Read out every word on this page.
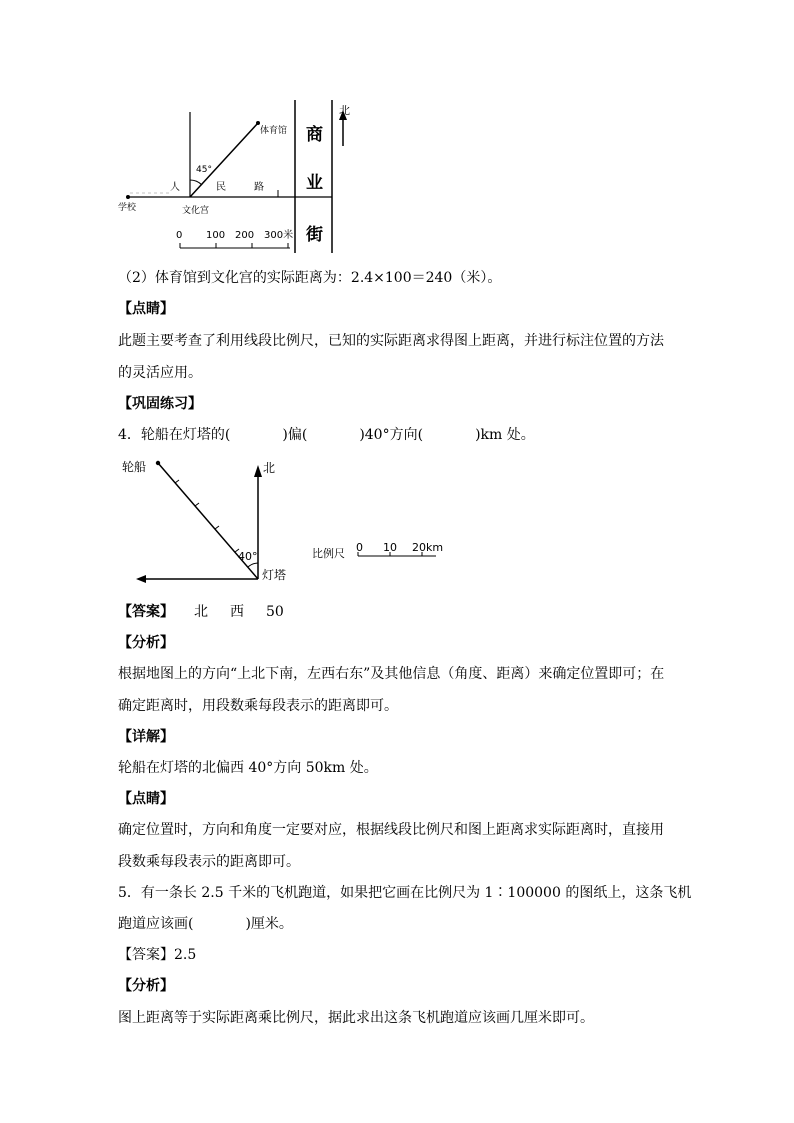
北
体育馆
45°
人	民	路
商
业
街
学校	文化宫
0 100 200 300米
（2）体育馆到文化宫的实际距离为：2.4×100＝240（米）。
【点睛】
此题主要考查了利用线段比例尺，已知的实际距离求得图上距离，并进行标注位置的方法
的灵活应用。
【巩固练习】
4．轮船在灯塔的(	)偏(	)40°方向(	)km 处。
北
轮船
40°
灯塔
比例尺 0 10 20km
【答案】 北 西 50
【分析】
根据地图上的方向“上北下南，左西右东”及其他信息（角度、距离）来确定位置即可；在
确定距离时，用段数乘每段表示的距离即可。
【详解】
轮船在灯塔的北偏西 40°方向 50km 处。
【点睛】
确定位置时，方向和角度一定要对应，根据线段比例尺和图上距离求实际距离时，直接用
段数乘每段表示的距离即可。
5．有一条长 2.5 千米的飞机跑道，如果把它画在比例尺为 1∶100000 的图纸上，这条飞机
跑道应该画(	)厘米。
【答案】2.5
【分析】
图上距离等于实际距离乘比例尺，据此求出这条飞机跑道应该画几厘米即可。
